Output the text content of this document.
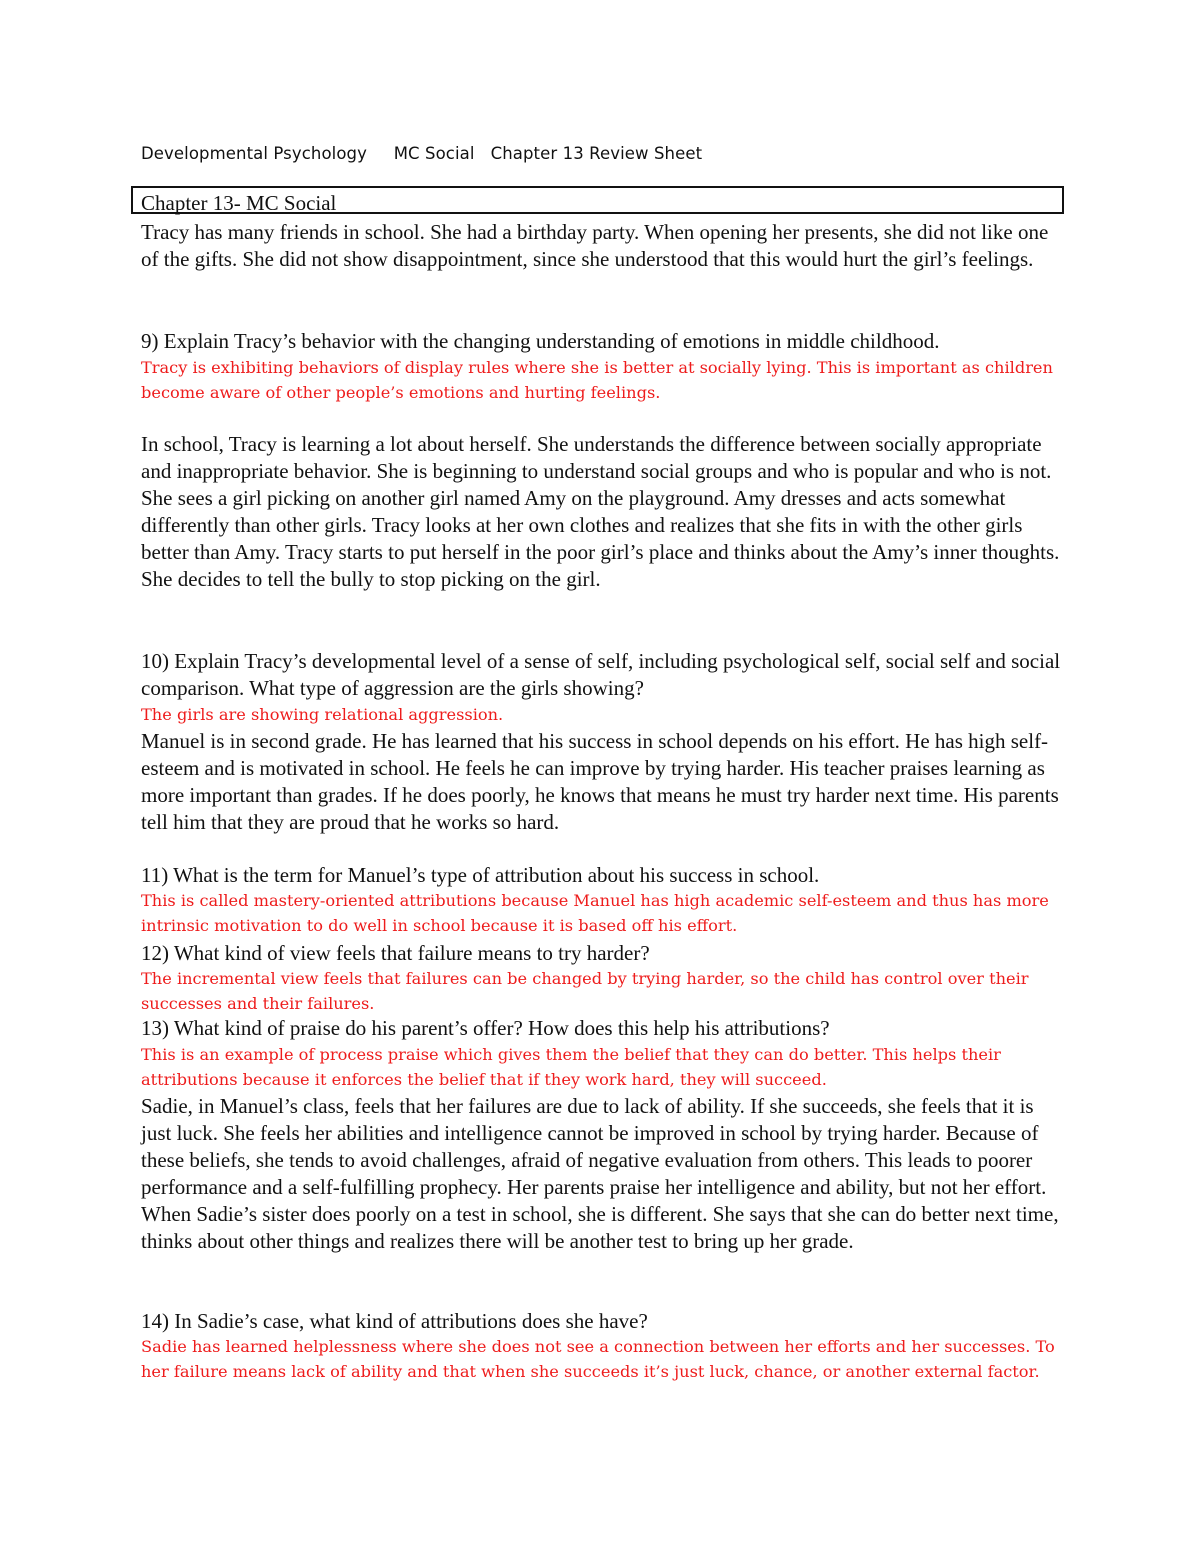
Developmental Psychology MC Social Chapter 13 Review Sheet
Chapter 13- MC Social

Tracy has many friends in school. She had a birthday party. When opening her presents, she did not like one of the gifts. She did not show disappointment, since she understood that this would hurt the girl’s feelings.

9) Explain Tracy’s behavior with the changing understanding of emotions in middle childhood.

Tracy is exhibiting behaviors of display rules where she is better at socially lying. This is important as children become aware of other people’s emotions and hurting feelings.

In school, Tracy is learning a lot about herself. She understands the difference between socially appropriate and inappropriate behavior. She is beginning to understand social groups and who is popular and who is not. She sees a girl picking on another girl named Amy on the playground. Amy dresses and acts somewhat differently than other girls. Tracy looks at her own clothes and realizes that she fits in with the other girls better than Amy. Tracy starts to put herself in the poor girl’s place and thinks about the Amy’s inner thoughts. She decides to tell the bully to stop picking on the girl.

10) Explain Tracy’s developmental level of a sense of self, including psychological self, social self and social comparison. What type of aggression are the girls showing?

The girls are showing relational aggression.

Manuel is in second grade. He has learned that his success in school depends on his effort. He has high self-esteem and is motivated in school. He feels he can improve by trying harder. His teacher praises learning as more important than grades. If he does poorly, he knows that means he must try harder next time. His parents tell him that they are proud that he works so hard.

11) What is the term for Manuel’s type of attribution about his success in school.

This is called mastery-oriented attributions because Manuel has high academic self-esteem and thus has more intrinsic motivation to do well in school because it is based off his effort.

12) What kind of view feels that failure means to try harder?

The incremental view feels that failures can be changed by trying harder, so the child has control over their successes and their failures.

13) What kind of praise do his parent’s offer? How does this help his attributions?

This is an example of process praise which gives them the belief that they can do better. This helps their attributions because it enforces the belief that if they work hard, they will succeed.

Sadie, in Manuel’s class, feels that her failures are due to lack of ability. If she succeeds, she feels that it is just luck. She feels her abilities and intelligence cannot be improved in school by trying harder. Because of these beliefs, she tends to avoid challenges, afraid of negative evaluation from others. This leads to poorer performance and a self-fulfilling prophecy. Her parents praise her intelligence and ability, but not her effort. When Sadie’s sister does poorly on a test in school, she is different. She says that she can do better next time, thinks about other things and realizes there will be another test to bring up her grade.

14) In Sadie’s case, what kind of attributions does she have?

Sadie has learned helplessness where she does not see a connection between her efforts and her successes. To her failure means lack of ability and that when she succeeds it’s just luck, chance, or another external factor.
